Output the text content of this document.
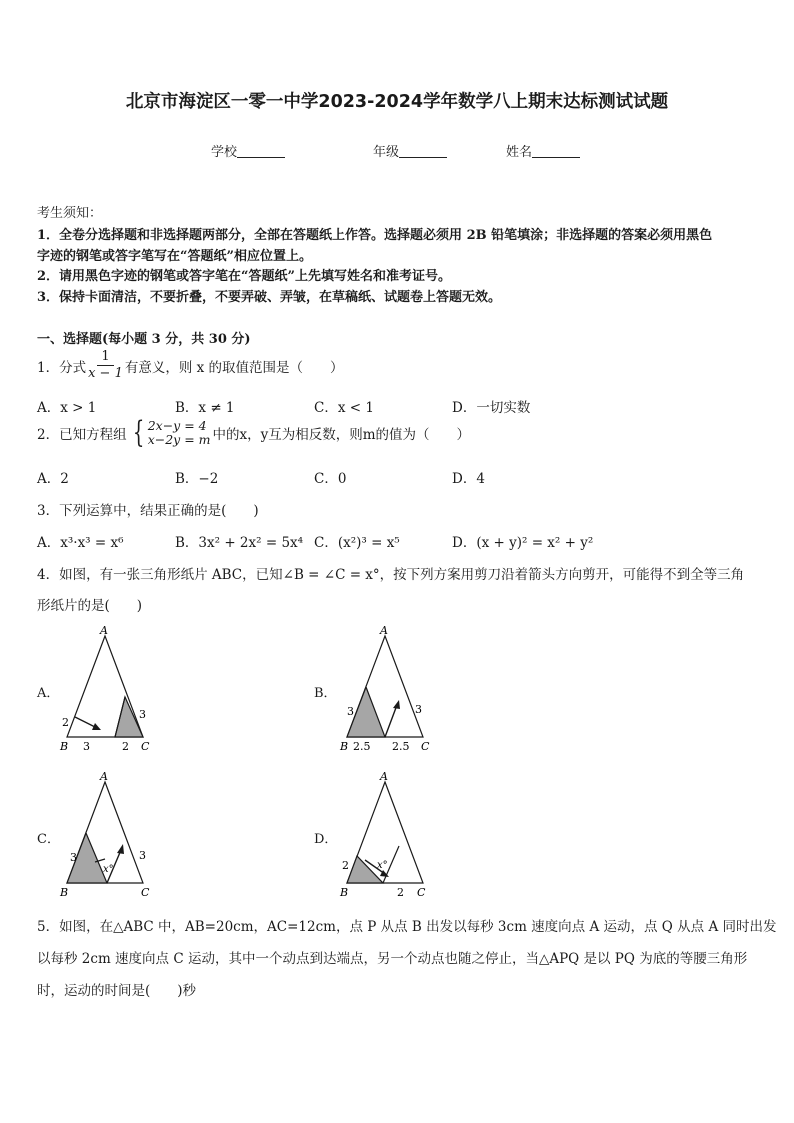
北京市海淀区一零一中学2023-2024学年数学八上期末达标测试试题
学校	年级	姓名
考生须知：
1．全卷分选择题和非选择题两部分，全部在答题纸上作答。选择题必须用 2B 铅笔填涂；非选择题的答案必须用黑色
字迹的钢笔或答字笔写在“答题纸”相应位置上。
2．请用黑色字迹的钢笔或答字笔在“答题纸”上先填写姓名和准考证号。
3．保持卡面清洁，不要折叠，不要弄破、弄皱，在草稿纸、试题卷上答题无效。
一、选择题(每小题 3 分，共 30 分)
1．分式 $\frac{1}{x - 1}$ 有意义，则 x 的取值范围是（　　）
A．x > 1	B．x ≠ 1	C．x < 1	D．一切实数
2．已知方程组 { 2x−y = 4
x−2y = m 中的x，y互为相反数，则m的值为（　　）
A．2	B．−2	C．0	D．4
3．下列运算中，结果正确的是(　　)
A．x³·x³ = x⁶	B．3x² + 2x² = 5x⁴ C．(x²)³ = x⁵	D．(x + y)² = x² + y²
4．如图，有一张三角形纸片 ABC，已知∠B = ∠C = x°，按下列方案用剪刀沿着箭头方向剪开，可能得不到全等三角
形纸片的是(　　)
A．
A
B	C
2
3	2
3
B．
A
B	C
3
2.5 2.5
3
C．
A
B	C
3
x°
3
D．
A
B	C
2	x°
2
5．如图，在△ABC 中，AB=20cm，AC=12cm，点 P 从点 B 出发以每秒 3cm 速度向点 A 运动，点 Q 从点 A 同时出发
以每秒 2cm 速度向点 C 运动，其中一个动点到达端点，另一个动点也随之停止，当△APQ 是以 PQ 为底的等腰三角形
时，运动的时间是(　　)秒
